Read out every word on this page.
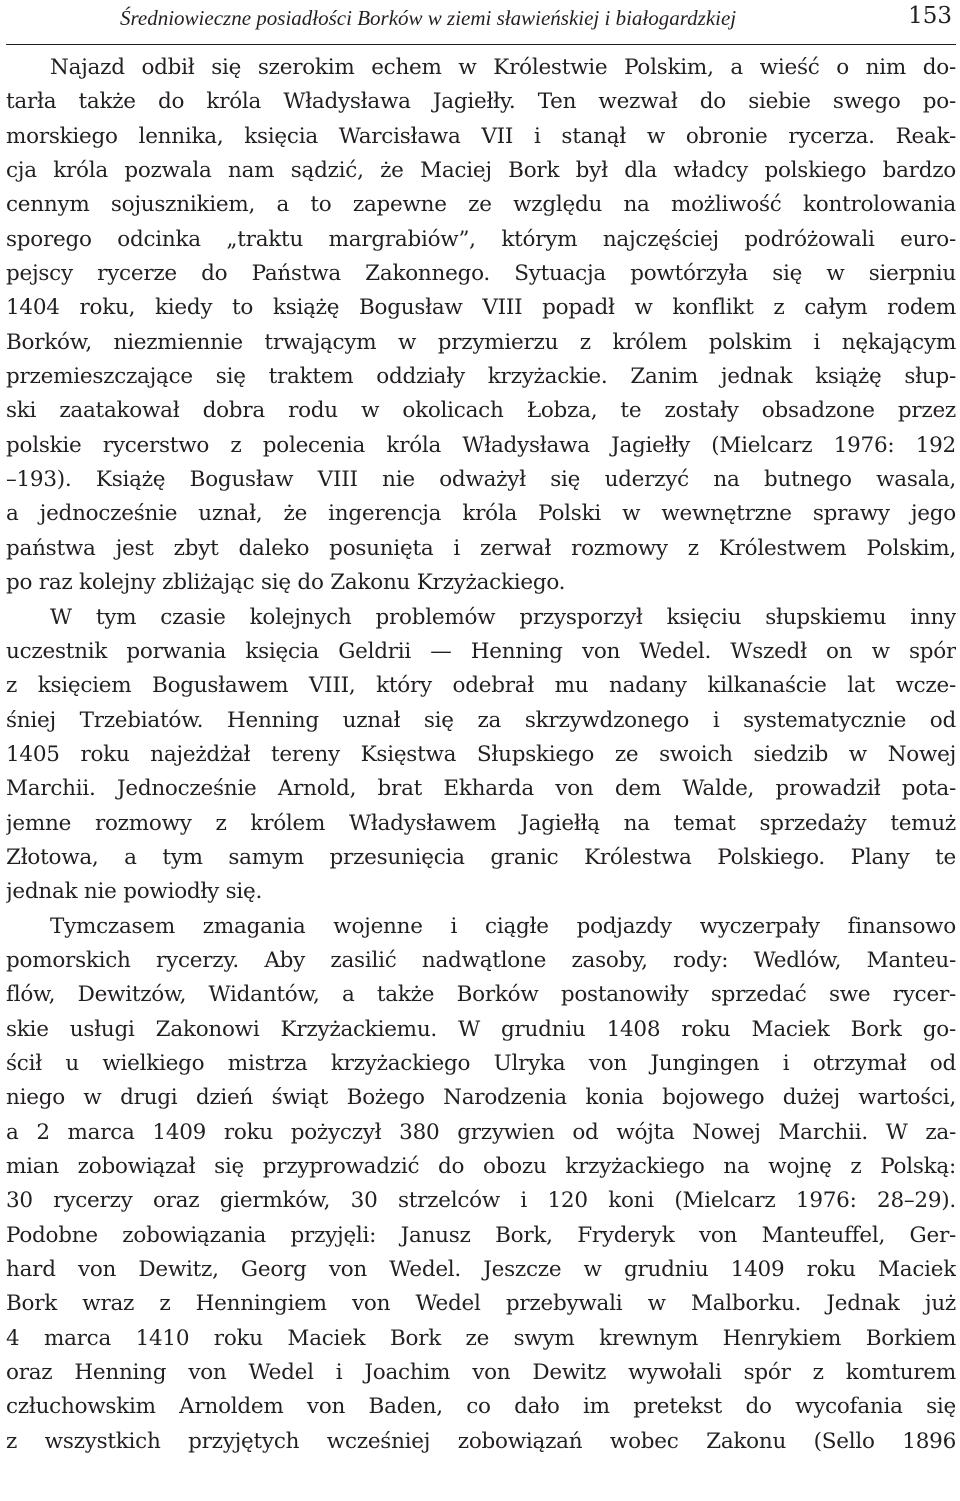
Średniowieczne posiadłości Borków w ziemi sławieńskiej i białogardzkiej	153

Najazd odbił się szerokim echem w Królestwie Polskim, a wieść o nim do-
tarła także do króla Władysława Jagiełły. Ten wezwał do siebie swego po-
morskiego lennika, księcia Warcisława VII i stanął w obronie rycerza. Reak-
cja króla pozwala nam sądzić, że Maciej Bork był dla władcy polskiego bardzo
cennym sojusznikiem, a to zapewne ze względu na możliwość kontrolowania
sporego odcinka „traktu margrabiów”, którym najczęściej podróżowali euro-
pejscy rycerze do Państwa Zakonnego. Sytuacja powtórzyła się w sierpniu
1404 roku, kiedy to książę Bogusław VIII popadł w konflikt z całym rodem
Borków, niezmiennie trwającym w przymierzu z królem polskim i nękającym
przemieszczające się traktem oddziały krzyżackie. Zanim jednak książę słup-
ski zaatakował dobra rodu w okolicach Łobza, te zostały obsadzone przez
polskie rycerstwo z polecenia króla Władysława Jagiełły (Mielcarz 1976: 192
–193). Książę Bogusław VIII nie odważył się uderzyć na butnego wasala,
a jednocześnie uznał, że ingerencja króla Polski w wewnętrzne sprawy jego
państwa jest zbyt daleko posunięta i zerwał rozmowy z Królestwem Polskim,
po raz kolejny zbliżając się do Zakonu Krzyżackiego.

W tym czasie kolejnych problemów przysporzył księciu słupskiemu inny
uczestnik porwania księcia Geldrii — Henning von Wedel. Wszedł on w spór
z księciem Bogusławem VIII, który odebrał mu nadany kilkanaście lat wcze-
śniej Trzebiatów. Henning uznał się za skrzywdzonego i systematycznie od
1405 roku najeżdżał tereny Księstwa Słupskiego ze swoich siedzib w Nowej
Marchii. Jednocześnie Arnold, brat Ekharda von dem Walde, prowadził pota-
jemne rozmowy z królem Władysławem Jagiełłą na temat sprzedaży temuż
Złotowa, a tym samym przesunięcia granic Królestwa Polskiego. Plany te
jednak nie powiodły się.

Tymczasem zmagania wojenne i ciągłe podjazdy wyczerpały finansowo
pomorskich rycerzy. Aby zasilić nadwątlone zasoby, rody: Wedlów, Manteu-
flów, Dewitzów, Widantów, a także Borków postanowiły sprzedać swe rycer-
skie usługi Zakonowi Krzyżackiemu. W grudniu 1408 roku Maciek Bork go-
ścił u wielkiego mistrza krzyżackiego Ulryka von Jungingen i otrzymał od
niego w drugi dzień świąt Bożego Narodzenia konia bojowego dużej wartości,
a 2 marca 1409 roku pożyczył 380 grzywien od wójta Nowej Marchii. W za-
mian zobowiązał się przyprowadzić do obozu krzyżackiego na wojnę z Polską:
30 rycerzy oraz giermków, 30 strzelców i 120 koni (Mielcarz 1976: 28–29).
Podobne zobowiązania przyjęli: Janusz Bork, Fryderyk von Manteuffel, Ger-
hard von Dewitz, Georg von Wedel. Jeszcze w grudniu 1409 roku Maciek
Bork wraz z Henningiem von Wedel przebywali w Malborku. Jednak już
4 marca 1410 roku Maciek Bork ze swym krewnym Henrykiem Borkiem
oraz Henning von Wedel i Joachim von Dewitz wywołali spór z komturem
człuchowskim Arnoldem von Baden, co dało im pretekst do wycofania się
z wszystkich przyjętych wcześniej zobowiązań wobec Zakonu (Sello 1896
